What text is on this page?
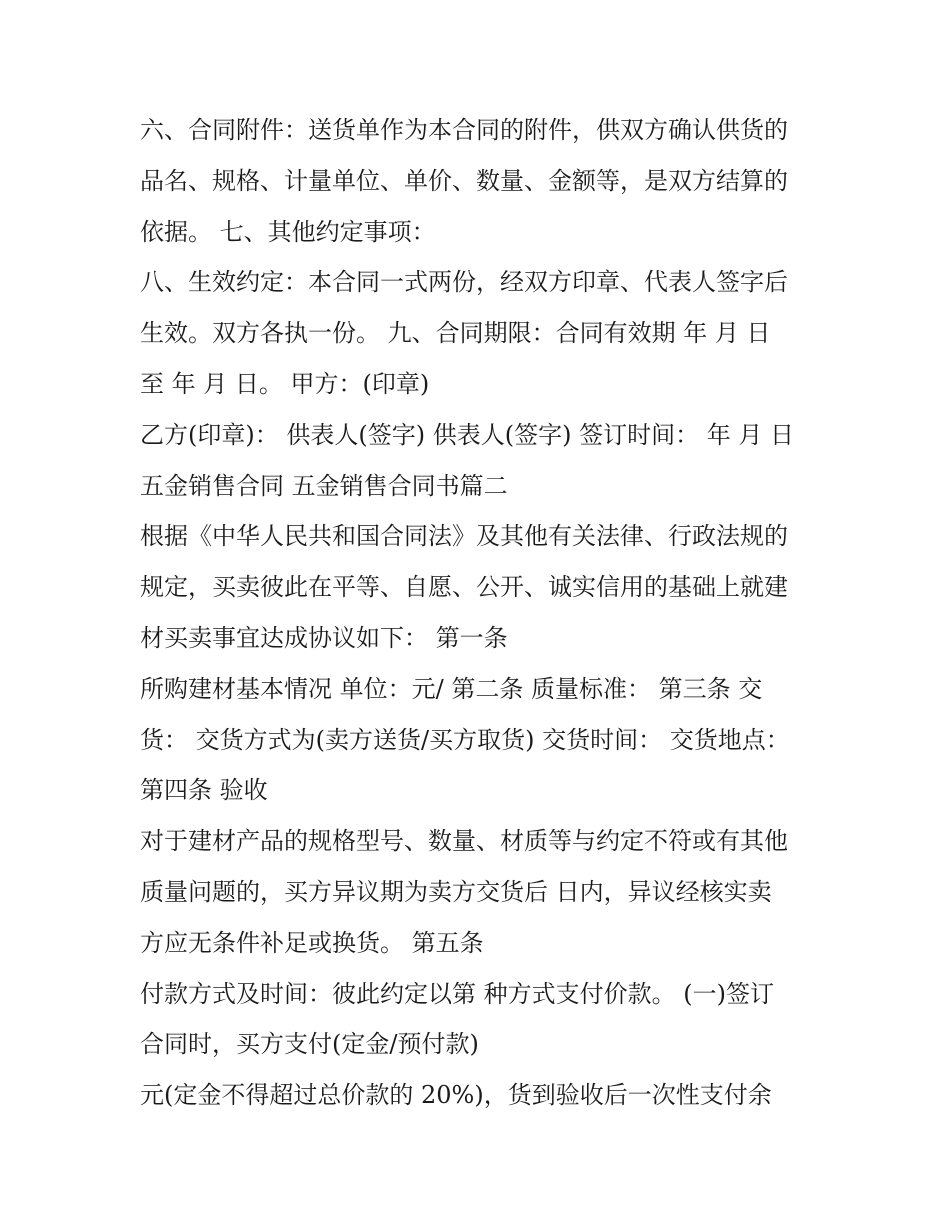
六、合同附件：送货单作为本合同的附件，供双方确认供货的
品名、规格、计量单位、单价、数量、金额等，是双方结算的
依据。 七、其他约定事项：
八、生效约定：本合同一式两份，经双方印章、代表人签字后
生效。双方各执一份。 九、合同期限：合同有效期 年 月 日
至 年 月 日。 甲方：(印章)
乙方(印章)： 供表人(签字) 供表人(签字) 签订时间： 年 月 日
五金销售合同 五金销售合同书篇二
根据《中华人民共和国合同法》及其他有关法律、行政法规的
规定，买卖彼此在平等、自愿、公开、诚实信用的基础上就建
材买卖事宜达成协议如下： 第一条
所购建材基本情况 单位：元/ 第二条 质量标准： 第三条 交
货： 交货方式为(卖方送货/买方取货) 交货时间： 交货地点：
第四条 验收
对于建材产品的规格型号、数量、材质等与约定不符或有其他
质量问题的，买方异议期为卖方交货后 日内，异议经核实卖
方应无条件补足或换货。 第五条
付款方式及时间：彼此约定以第 种方式支付价款。 (一)签订
合同时，买方支付(定金/预付款)
元(定金不得超过总价款的 20%)，货到验收后一次性支付余
